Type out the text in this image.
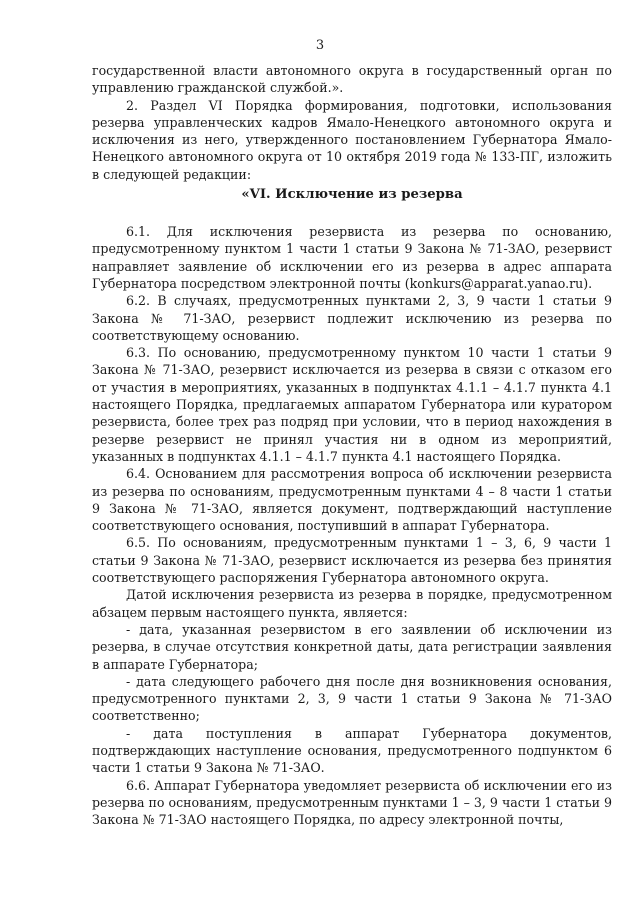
3

государственной власти автономного округа в государственный орган по управлению гражданской службой.».

2. Раздел VI Порядка формирования, подготовки, использования резерва управленческих кадров Ямало-Ненецкого автономного округа и исключения из него, утвержденного постановлением Губернатора Ямало-Ненецкого автономного округа от 10 октября 2019 года № 133-ПГ, изложить в следующей редакции:

«VI. Исключение из резерва

6.1. Для исключения резервиста из резерва по основанию, предусмотренному пунктом 1 части 1 статьи 9 Закона № 71-ЗАО, резервист направляет заявление об исключении его из резерва в адрес аппарата Губернатора посредством электронной почты (konkurs@apparat.yanao.ru).

6.2. В случаях, предусмотренных пунктами 2, 3, 9 части 1 статьи 9 Закона № 71-ЗАО, резервист подлежит исключению из резерва по соответствующему основанию.

6.3. По основанию, предусмотренному пунктом 10 части 1 статьи 9 Закона № 71-ЗАО, резервист исключается из резерва в связи с отказом его от участия в мероприятиях, указанных в подпунктах 4.1.1 – 4.1.7 пункта 4.1 настоящего Порядка, предлагаемых аппаратом Губернатора или куратором резервиста, более трех раз подряд при условии, что в период нахождения в резерве резервист не принял участия ни в одном из мероприятий, указанных в подпунктах 4.1.1 – 4.1.7 пункта 4.1 настоящего Порядка.

6.4. Основанием для рассмотрения вопроса об исключении резервиста из резерва по основаниям, предусмотренным пунктами 4 – 8 части 1 статьи 9 Закона № 71-ЗАО, является документ, подтверждающий наступление соответствующего основания, поступивший в аппарат Губернатора.

6.5. По основаниям, предусмотренным пунктами 1 – 3, 6, 9 части 1 статьи 9 Закона № 71-ЗАО, резервист исключается из резерва без принятия соответствующего распоряжения Губернатора автономного округа.

Датой исключения резервиста из резерва в порядке, предусмотренном абзацем первым настоящего пункта, является:

- дата, указанная резервистом в его заявлении об исключении из резерва, в случае отсутствия конкретной даты, дата регистрации заявления в аппарате Губернатора;

- дата следующего рабочего дня после дня возникновения основания, предусмотренного пунктами 2, 3, 9 части 1 статьи 9 Закона № 71-ЗАО соответственно;

- дата поступления в аппарат Губернатора документов, подтверждающих наступление основания, предусмотренного подпунктом 6 части 1 статьи 9 Закона № 71-ЗАО.

6.6. Аппарат Губернатора уведомляет резервиста об исключении его из резерва по основаниям, предусмотренным пунктами 1 – 3, 9 части 1 статьи 9 Закона № 71-ЗАО настоящего Порядка, по адресу электронной почты,
